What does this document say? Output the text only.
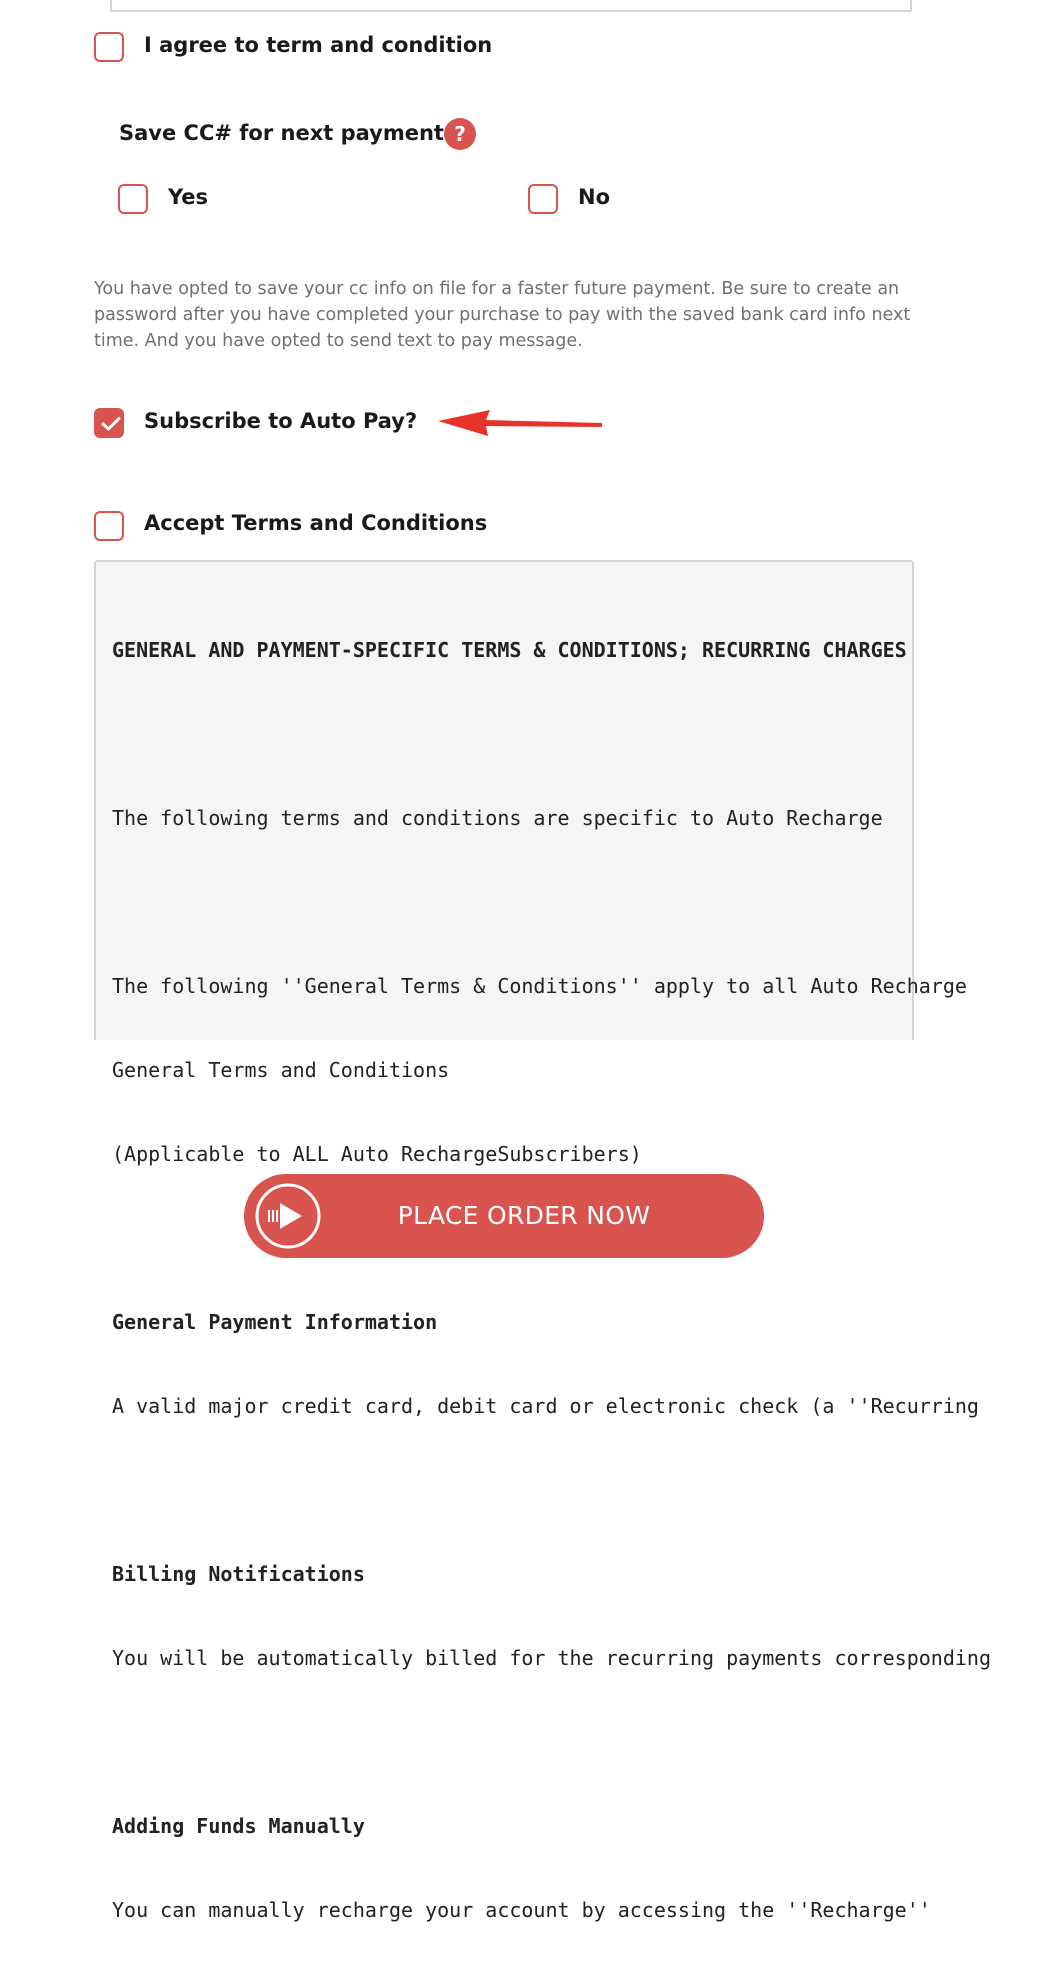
I agree to term and condition
Save CC# for next payment ?
Yes	No
You have opted to save your cc info on file for a faster future payment. Be sure to create an password after you have completed your purchase to pay with the saved bank card info next time. And you have opted to send text to pay message.
Subscribe to Auto Pay?
Accept Terms and Conditions

GENERAL AND PAYMENT-SPECIFIC TERMS & CONDITIONS; RECURRING CHARGES

The following terms and conditions are specific to Auto Recharge

The following ''General Terms & Conditions'' apply to all Auto Recharge

General Terms and Conditions

(Applicable to ALL Auto RechargeSubscribers)

General Payment Information

A valid major credit card, debit card or electronic check (a ''Recurring

Billing Notifications

You will be automatically billed for the recurring payments corresponding

Adding Funds Manually

You can manually recharge your account by accessing the ''Recharge''

PLACE ORDER NOW
